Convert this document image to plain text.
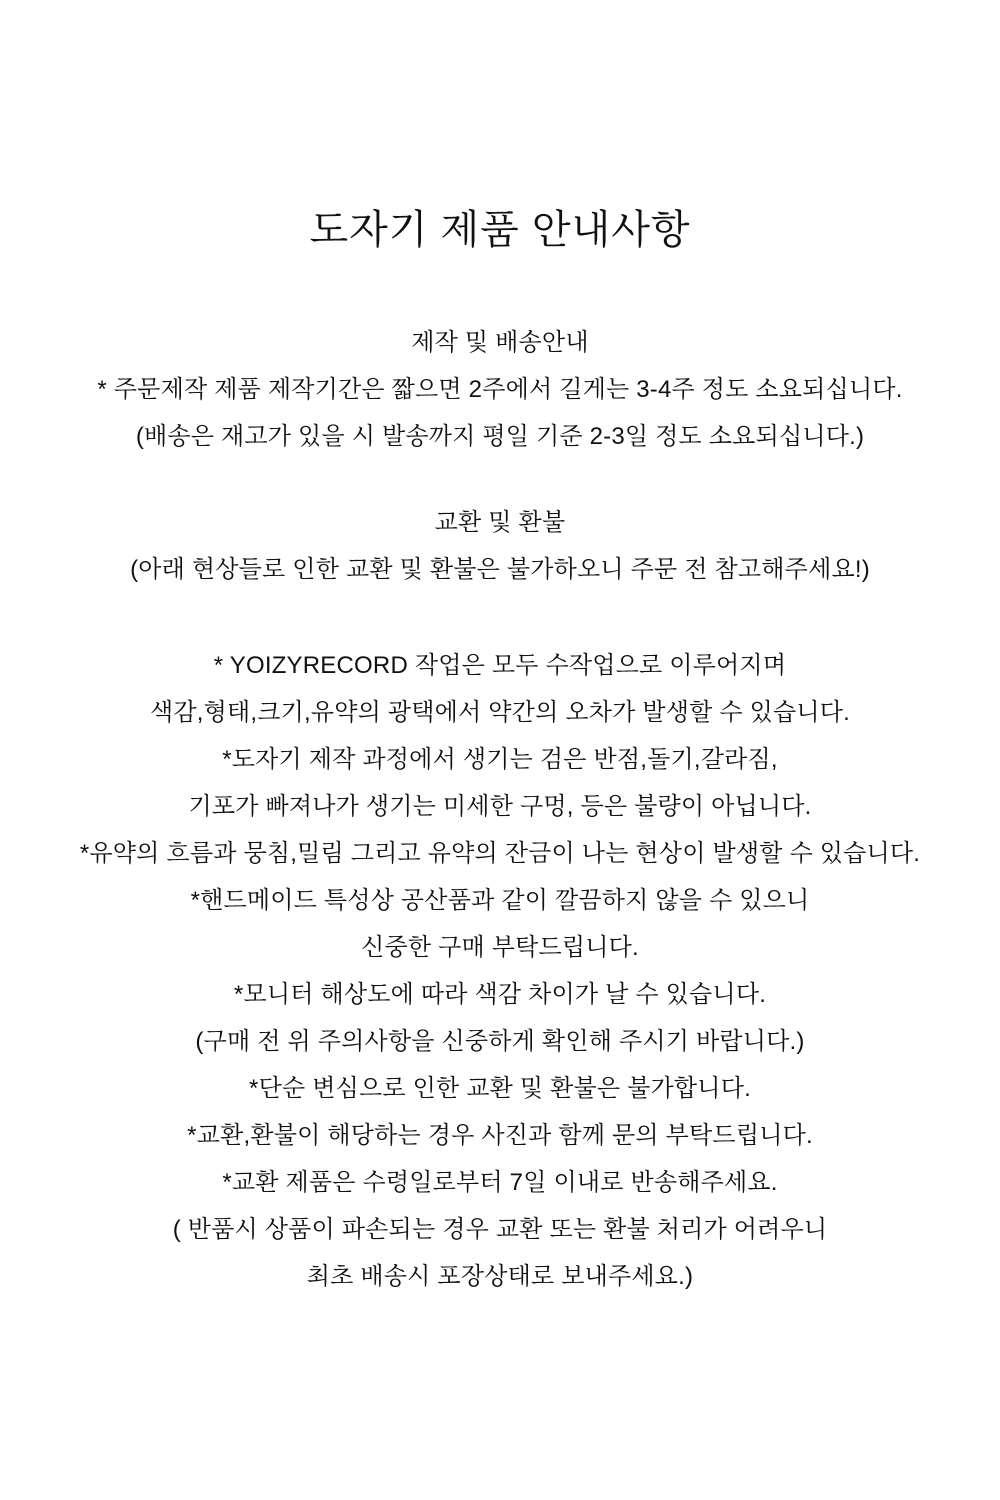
도자기 제품 안내사항
제작 및 배송안내
* 주문제작 제품 제작기간은 짧으면 2주에서 길게는 3-4주 정도 소요되십니다.
(배송은 재고가 있을 시 발송까지 평일 기준 2-3일 정도 소요되십니다.)
교환 및 환불
(아래 현상들로 인한 교환 및 환불은 불가하오니 주문 전 참고해주세요!)
* YOIZYRECORD 작업은 모두 수작업으로 이루어지며
색감,형태,크기,유약의 광택에서 약간의 오차가 발생할 수 있습니다.
*도자기 제작 과정에서 생기는 검은 반점,돌기,갈라짐,
기포가 빠져나가 생기는 미세한 구멍, 등은 불량이 아닙니다.
*유약의 흐름과 뭉침,밀림 그리고 유약의 잔금이 나는 현상이 발생할 수 있습니다.
*핸드메이드 특성상 공산품과 같이 깔끔하지 않을 수 있으니
신중한 구매 부탁드립니다.
*모니터 해상도에 따라 색감 차이가 날 수 있습니다.
(구매 전 위 주의사항을 신중하게 확인해 주시기 바랍니다.)
*단순 변심으로 인한 교환 및 환불은 불가합니다.
*교환,환불이 해당하는 경우 사진과 함께 문의 부탁드립니다.
*교환 제품은 수령일로부터 7일 이내로 반송해주세요.
( 반품시 상품이 파손되는 경우 교환 또는 환불 처리가 어려우니
최초 배송시 포장상태로 보내주세요.)
